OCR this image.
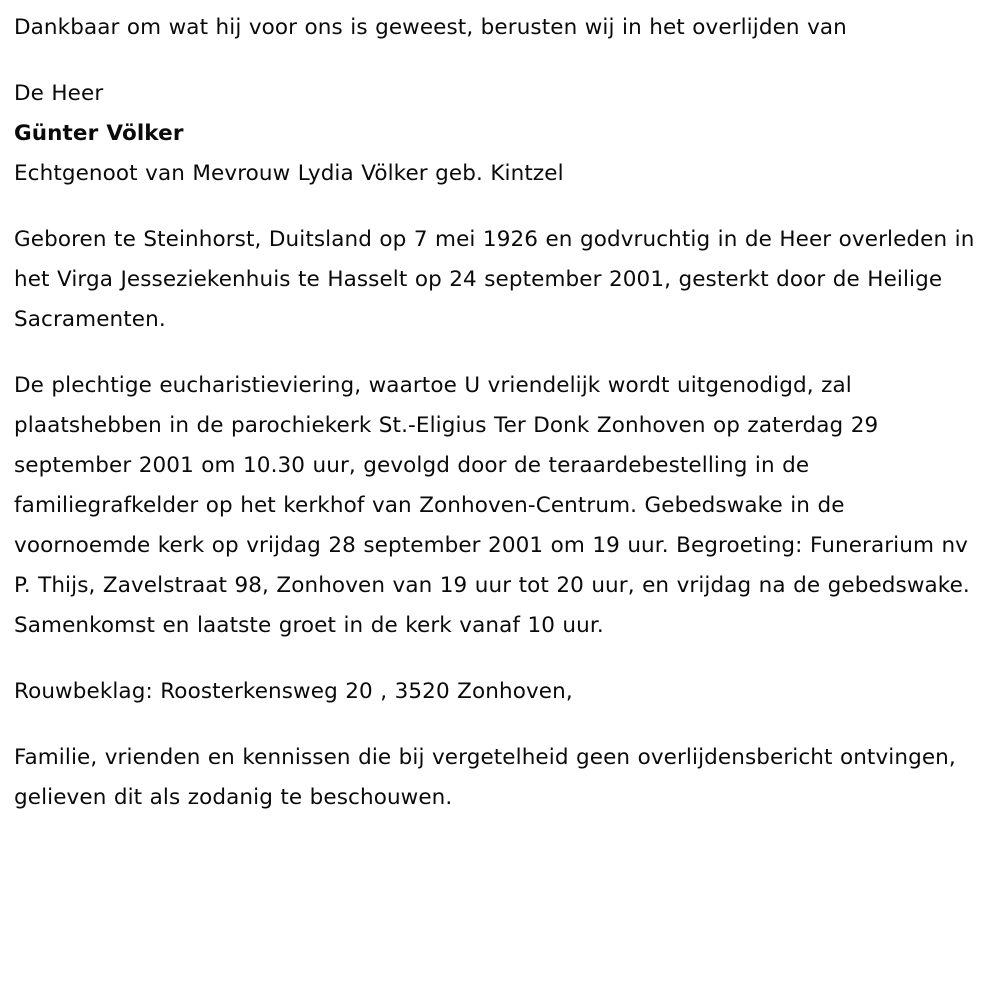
Dankbaar om wat hij voor ons is geweest, berusten wij in het overlijden van

De Heer

Günter Völker

Echtgenoot van Mevrouw Lydia Völker geb. Kintzel

Geboren te Steinhorst, Duitsland op 7 mei 1926 en godvruchtig in de Heer overleden in het Virga Jesseziekenhuis te Hasselt op 24 september 2001, gesterkt door de Heilige Sacramenten.

De plechtige eucharistieviering, waartoe U vriendelijk wordt uitgenodigd, zal plaatshebben in de parochiekerk St.-Eligius Ter Donk Zonhoven op zaterdag 29 september 2001 om 10.30 uur, gevolgd door de teraardebestelling in de familiegrafkelder op het kerkhof van Zonhoven-Centrum. Gebedswake in de voornoemde kerk op vrijdag 28 september 2001 om 19 uur. Begroeting: Funerarium nv P. Thijs, Zavelstraat 98, Zonhoven van 19 uur tot 20 uur, en vrijdag na de gebedswake. Samenkomst en laatste groet in de kerk vanaf 10 uur.

Rouwbeklag: Roosterkensweg 20 , 3520 Zonhoven,

Familie, vrienden en kennissen die bij vergetelheid geen overlijdensbericht ontvingen, gelieven dit als zodanig te beschouwen.
